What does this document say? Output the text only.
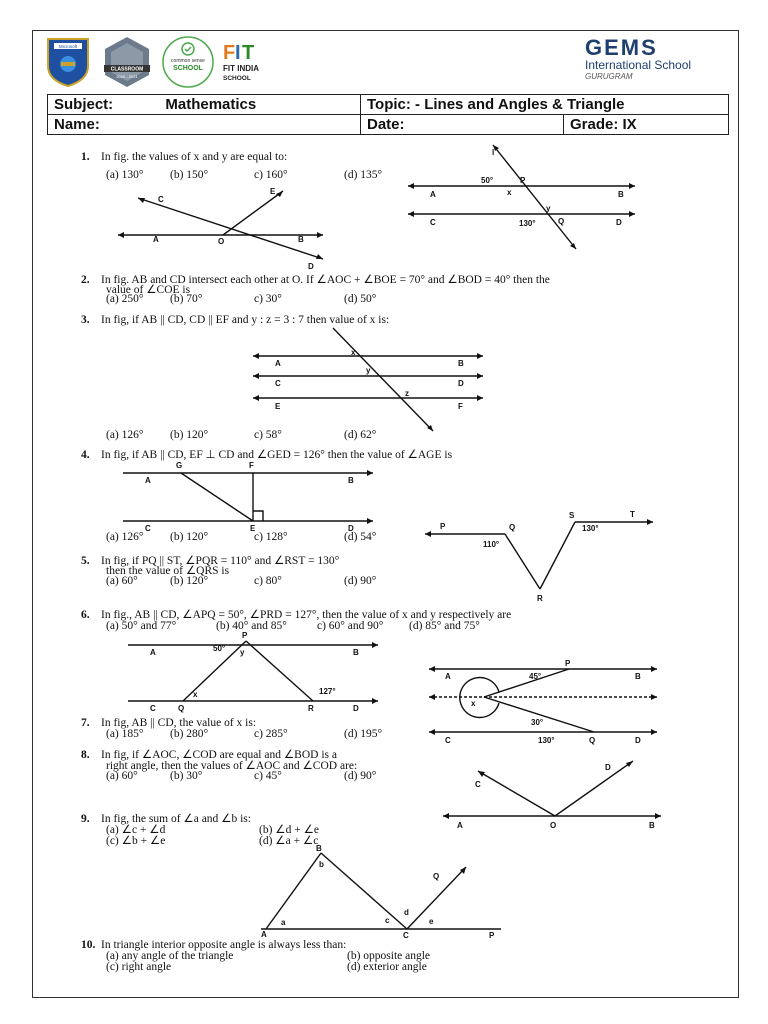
Microsoft
CLASSROOM
2020 - 2021
common sense
SCHOOL
F I T
FIT INDIA
SCHOOL
GEMS
International School
GURUGRAM
Subject: Mathematics	Topic: - Lines and Angles & Triangle	
Name:	Date:	Grade: IX
1. In fig. the values of x and y are equal to:
(a) 130° (b) 150°	c) 160°	(d) 135°
C
E
A	O	B
D
l
50°	P
x
A	B
y
C	130°	Q	D
2. In fig. AB and CD intersect each other at O. If ∠AOC + ∠BOE = 70° and ∠BOD = 40° then the
value of ∠COE is
(a) 250° (b) 70°	c) 30°	(d) 50°
3. In fig, if AB || CD, CD || EF and y : z = 3 : 7 then value of x is:
A
x
B
y
C	D
z
E	F
(a) 126° (b) 120°	c) 58°	(d) 62°
4. In fig, if AB || CD, EF ⊥ CD and ∠GED = 126° then the value of ∠AGE is
G	F
A	B
C	E	D
(a) 126° (b) 120°	c) 128°	(d) 54°
P	Q
110°
S
130°
T
R
5. In fig, if PQ || ST, ∠PQR = 110° and ∠RST = 130°
then the value of ∠QRS is
(a) 60°	(b) 120°	c) 80°	(d) 90°
6. In fig., AB || CD, ∠APQ = 50°, ∠PRD = 127°, then the value of x and y respectively are
(a) 50° and 77°	(b) 40° and 85°	c) 60° and 90° (d) 85° and 75°
P
50° y
A	B
x	127°
C	Q	R	D
P
45°
A	B
x
30°
C	130°	Q	D
7. In fig, AB || CD, the value of x is:
(a) 185° (b) 280°	c) 285°	(d) 195°
8. In fig, if ∠AOC, ∠COD are equal and ∠BOD is a
right angle, then the values of ∠AOC and ∠COD are:
(a) 60°	(b) 30°	c) 45°	(d) 90°
C
D
A	O	B
9. In fig, the sum of ∠a and ∠b is:
(a) ∠c + ∠d	(b) ∠d + ∠e
(c) ∠b + ∠e	(d) ∠a + ∠c
B
b
Q
d
a	c	e
A	C	P
10. In triangle interior opposite angle is always less than:
(a) any angle of the triangle	(b) opposite angle
(c) right angle	(d) exterior angle
